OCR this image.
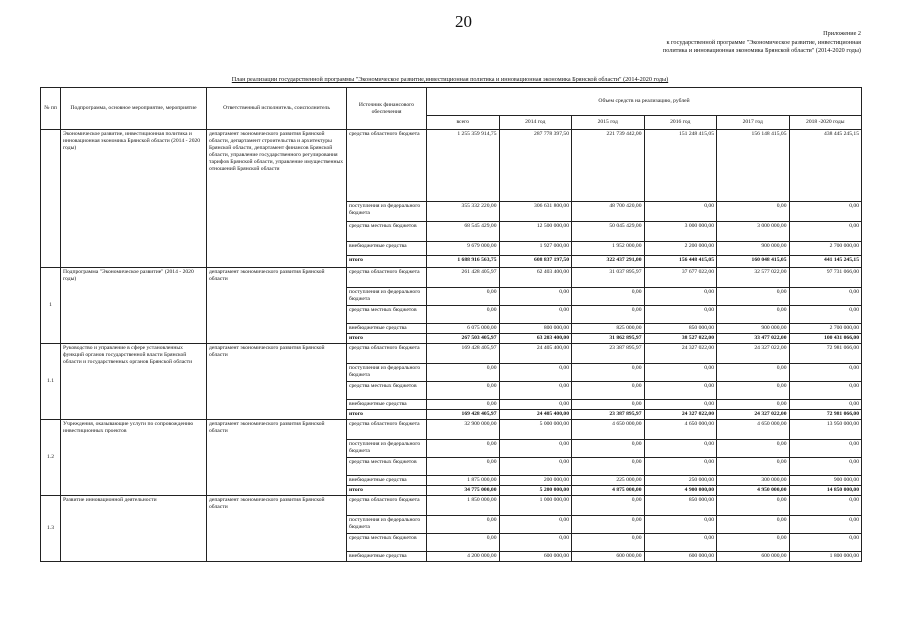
20
Приложение 2
к государственной программе "Экономическое развитие, инвестиционная
политика и инновационная экономика Брянской области" (2014-2020 годы)
План реализации государственной программы "Экономическое развитие,инвестиционная политика и инновационная экономика Брянской области" (2014-2020 годы)
№ пп	Подпрограмма, основное мероприятие, мероприятие	Ответственный исполнитель, соисполнитель	Источник финансового обеспечения	Объем средств на реализацию, рублей					
				всего	2014 год	2015 год	2016 год	2017 год	2018 -2020 годы
	Экономическое развитие, инвестиционная политика и инновационная экономика Брянской области (2014 - 2020 годы)	департамент экономического развития Брянской области, департамент строительства и архитектуры Брянской области, департамент финансов Брянской области, управление государственного регулирования тарифов Брянской области, управление имущественных отношений Брянской области	средства областного бюджета	1 255 359 914,75	287 778 397,50	221 739 442,00	151 248 415,05	156 148 415,05	438 445 245,15
			поступления из федерального бюджета	355 332 220,00	306 631 800,00	48 700 420,00	0,00	0,00	0,00
			средства местных бюджетов	68 545 429,00	12 500 000,00	50 045 429,00	3 000 000,00	3 000 000,00	0,00
			внебюджетные средства	9 679 000,00	1 927 000,00	1 952 000,00	2 200 000,00	900 000,00	2 700 000,00
			итого	1 688 916 563,75	608 837 197,50	322 437 291,00	156 448 415,05	160 048 415,05	441 145 245,15
1	Подпрограмма "Экономическое развитие" (2014 - 2020 годы)	департамент экономического развития Брянской области	средства областного бюджета	261 428 405,97	62 403 400,00	31 037 895,97	37 677 022,00	32 577 022,00	97 731 066,00
			поступления из федерального бюджета	0,00	0,00	0,00	0,00	0,00	0,00
			средства местных бюджетов	0,00	0,00	0,00	0,00	0,00	0,00
			внебюджетные средства	6 075 000,00	800 000,00	825 000,00	850 000,00	900 000,00	2 700 000,00
			итого	267 503 405,97	63 203 400,00	31 862 895,97	38 527 022,00	33 477 022,00	100 431 066,00
1.1	Руководство и управление в сфере установленных функций органов государственной власти Брянской области и государственных органов Брянской области	департамент экономического развития Брянской области	средства областного бюджета	169 428 405,97	24 405 400,00	23 387 895,97	24 327 022,00	24 327 022,00	72 981 066,00
			поступления из федерального бюджета	0,00	0,00	0,00	0,00	0,00	0,00
			средства местных бюджетов	0,00	0,00	0,00	0,00	0,00	0,00
			внебюджетные средства	0,00	0,00	0,00	0,00	0,00	0,00
			итого	169 428 405,97	24 405 400,00	23 387 895,97	24 327 022,00	24 327 022,00	72 981 066,00
1.2	Учреждения, оказывающие услуги по сопровождению инвестиционных проектов	департамент экономического развития Брянской области	средства областного бюджета	32 900 000,00	5 000 000,00	4 650 000,00	4 650 000,00	4 650 000,00	13 950 000,00
			поступления из федерального бюджета	0,00	0,00	0,00	0,00	0,00	0,00
			средства местных бюджетов	0,00	0,00	0,00	0,00	0,00	0,00
			внебюджетные средства	1 875 000,00	200 000,00	225 000,00	250 000,00	300 000,00	900 000,00
			итого	34 775 000,00	5 200 000,00	4 875 000,00	4 900 000,00	4 950 000,00	14 850 000,00
1.3	Развитие инновационной деятельности	департамент экономического развития Брянской области	средства областного бюджета	1 850 000,00	1 000 000,00	0,00	850 000,00	0,00	0,00
			поступления из федерального бюджета	0,00	0,00	0,00	0,00	0,00	0,00
			средства местных бюджетов	0,00	0,00	0,00	0,00	0,00	0,00
			внебюджетные средства	4 200 000,00	600 000,00	600 000,00	600 000,00	600 000,00	1 800 000,00
